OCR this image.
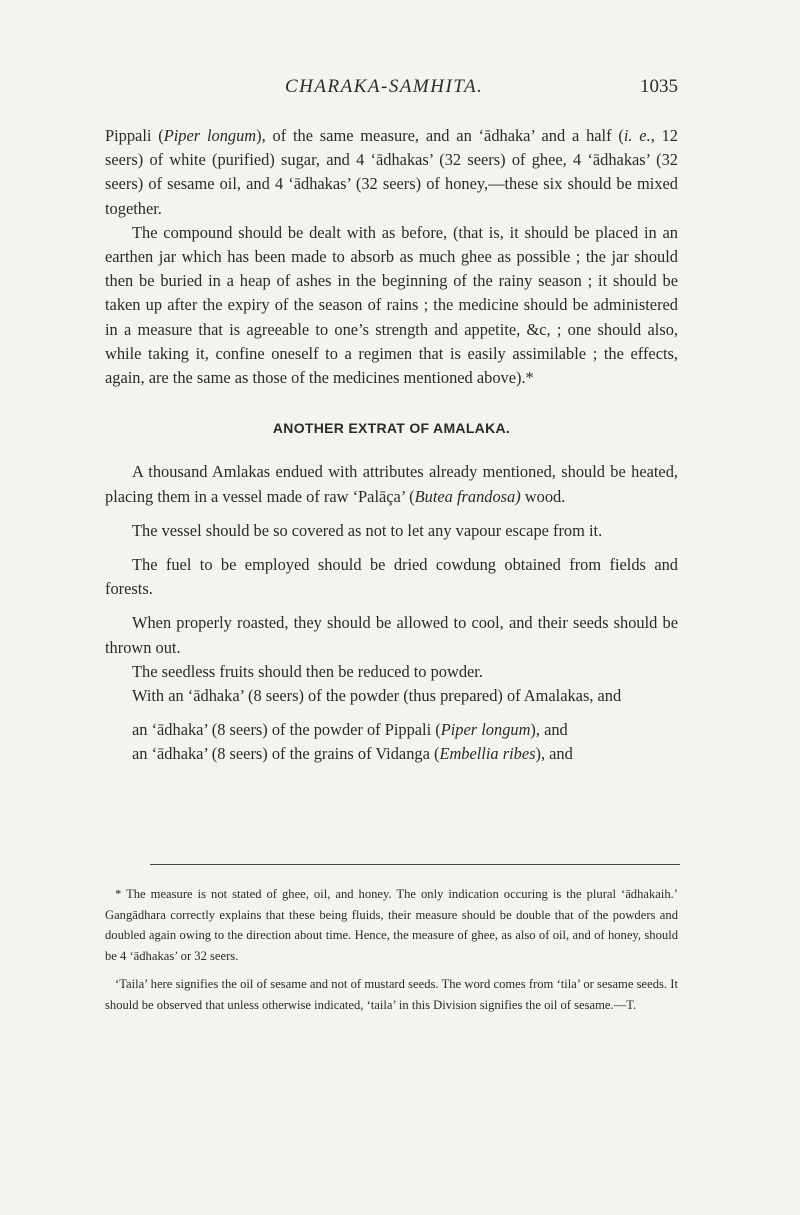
CHARAKA-SAMHITA.	1035

Pippali (Piper longum), of the same measure, and an ‘ādhaka’ and a half (i. e., 12 seers) of white (purified) sugar, and 4 ‘ādhakas’ (32 seers) of ghee, 4 ‘ādhakas’ (32 seers) of sesame oil, and 4 ‘ādhakas’ (32 seers) of honey,—these six should be mixed together.

The compound should be dealt with as before, (that is, it should be placed in an earthen jar which has been made to absorb as much ghee as possible ; the jar should then be buried in a heap of ashes in the beginning of the rainy season ; it should be taken up after the expiry of the season of rains ; the medicine should be administered in a measure that is agreeable to one’s strength and appetite, &c, ; one should also, while taking it, confine oneself to a regimen that is easily assimilable ; the effects, again, are the same as those of the medicines mentioned above).*

ANOTHER EXTRAT OF AMALAKA.

A thousand Amlakas endued with attributes already mentioned, should be heated, placing them in a vessel made of raw ‘Palāça’ (Butea frandosa) wood.

The vessel should be so covered as not to let any vapour escape from it.

The fuel to be employed should be dried cowdung obtained from fields and forests.

When properly roasted, they should be allowed to cool, and their seeds should be thrown out.

The seedless fruits should then be reduced to powder.

With an ‘ādhaka’ (8 seers) of the powder (thus prepared) of Amalakas, and

an ‘ādhaka’ (8 seers) of the powder of Pippali (Piper longum), and

an ‘ādhaka’ (8 seers) of the grains of Vidanga (Embellia ribes), and

* The measure is not stated of ghee, oil, and honey. The only indication occuring is the plural ‘ādhakaih.’ Gangādhara correctly explains that these being fluids, their measure should be double that of the powders and doubled again owing to the direction about time. Hence, the measure of ghee, as also of oil, and of honey, should be 4 ‘ādhakas’ or 32 seers.

‘Taila’ here signifies the oil of sesame and not of mustard seeds. The word comes from ‘tila’ or sesame seeds. It should be observed that unless otherwise indicated, ‘taila’ in this Division signifies the oil of sesame.—T.
